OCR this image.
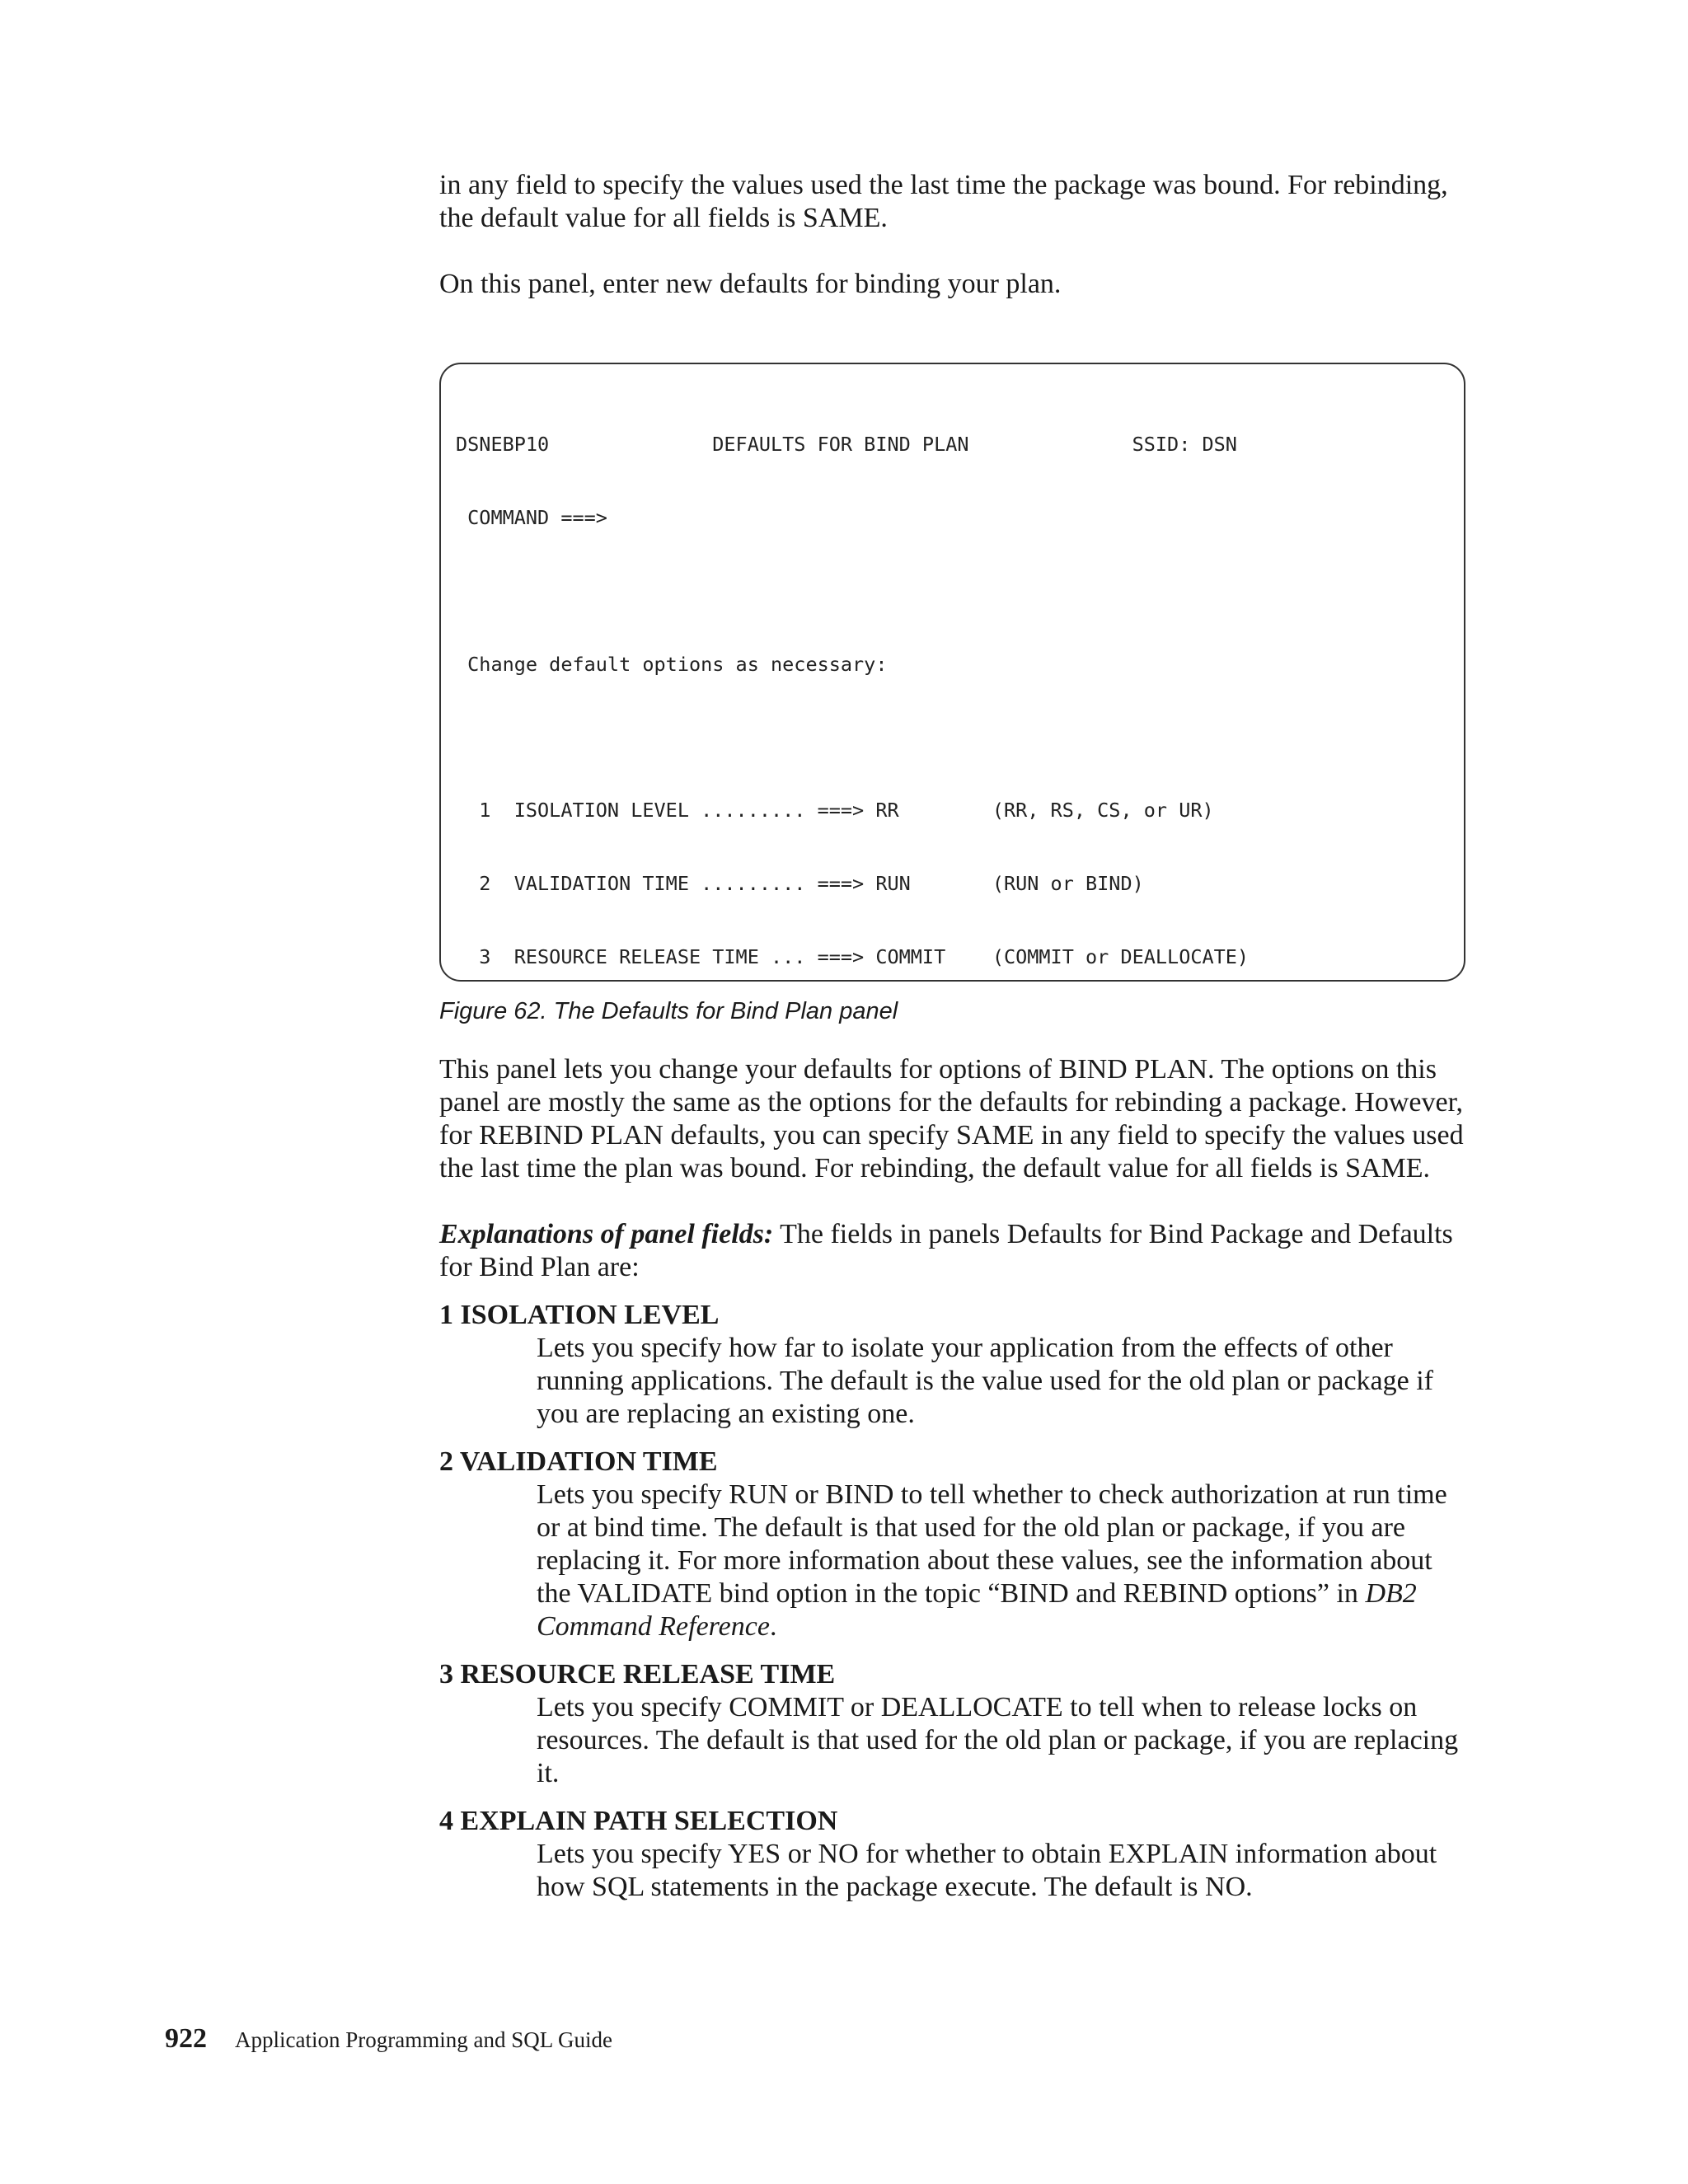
in any field to specify the values used the last time the package was bound. For rebinding, the default value for all fields is SAME.

On this panel, enter new defaults for binding your plan.

DSNEBP10              DEFAULTS FOR BIND PLAN              SSID: DSN

COMMAND ===>

Change default options as necessary:

1  ISOLATION LEVEL ......... ===> RR        (RR, RS, CS, or UR)

2  VALIDATION TIME ......... ===> RUN       (RUN or BIND)

3  RESOURCE RELEASE TIME ... ===> COMMIT    (COMMIT or DEALLOCATE)

Figure 62. The Defaults for Bind Plan panel

This panel lets you change your defaults for options of BIND PLAN. The options on this panel are mostly the same as the options for the defaults for rebinding a package. However, for REBIND PLAN defaults, you can specify SAME in any field to specify the values used the last time the plan was bound. For rebinding, the default value for all fields is SAME.

Explanations of panel fields: The fields in panels Defaults for Bind Package and Defaults for Bind Plan are:

1 ISOLATION LEVEL
Lets you specify how far to isolate your application from the effects of other running applications. The default is the value used for the old plan or package if you are replacing an existing one.
2 VALIDATION TIME
Lets you specify RUN or BIND to tell whether to check authorization at run time or at bind time. The default is that used for the old plan or package, if you are replacing it. For more information about these values, see the information about the VALIDATE bind option in the topic “BIND and REBIND options” in DB2 Command Reference.
3 RESOURCE RELEASE TIME
Lets you specify COMMIT or DEALLOCATE to tell when to release locks on resources. The default is that used for the old plan or package, if you are replacing it.
4 EXPLAIN PATH SELECTION
Lets you specify YES or NO for whether to obtain EXPLAIN information about how SQL statements in the package execute. The default is NO.
922 Application Programming and SQL Guide
